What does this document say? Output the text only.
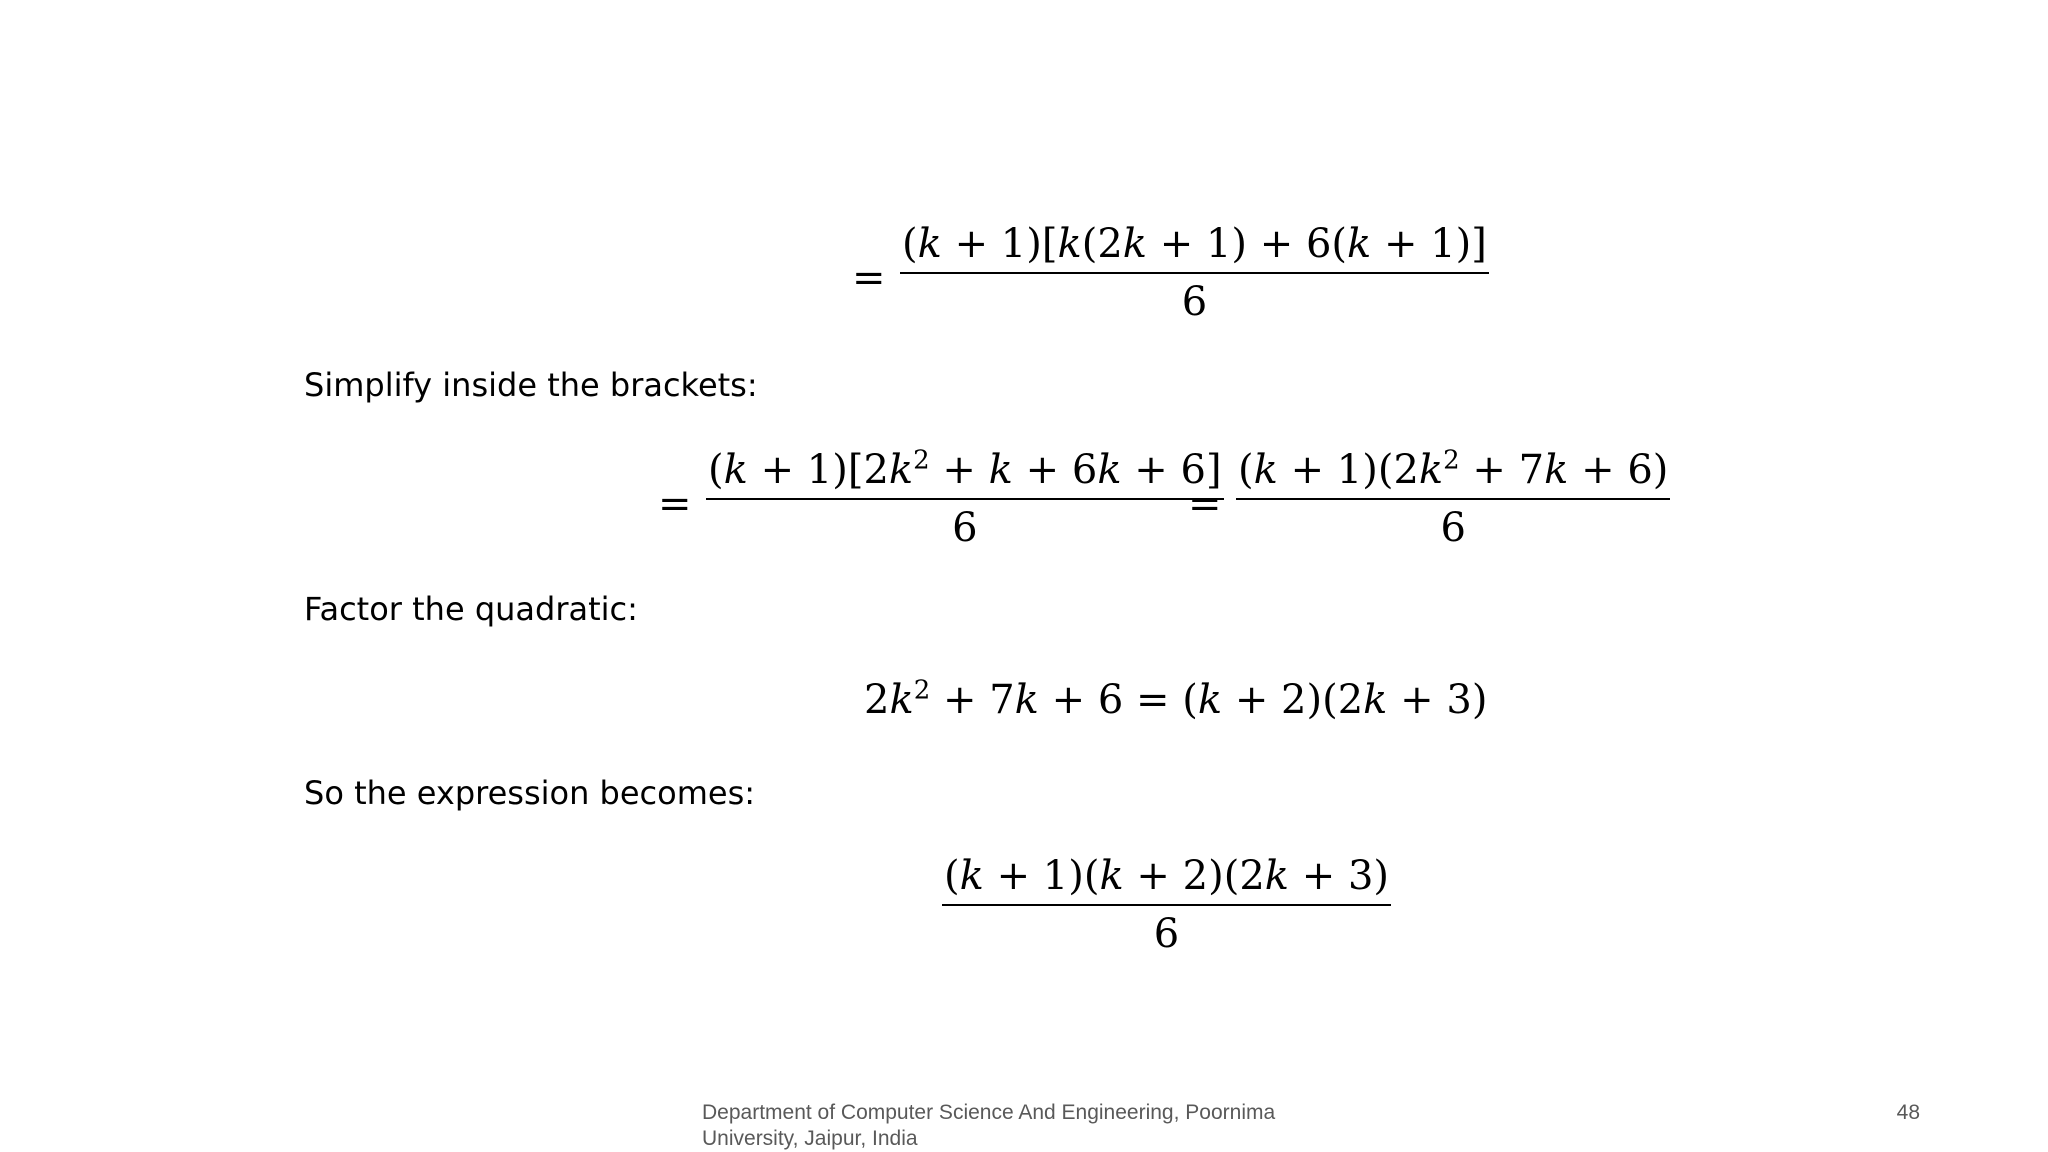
=
(k + 1)[k(2k + 1) + 6(k + 1)]
6
Simplify inside the brackets:
=
$(k + 1)[2k^2 + k + 6k + 6]$
6
=
$(k + 1)(2k^2 + 7k + 6)$
6
Factor the quadratic:
$2k^2 + 7k + 6 = (k + 2)(2k + 3)$
So the expression becomes:
(k + 1)(k + 2)(2k + 3)
6
Department of Computer Science And Engineering, Poornima University, Jaipur, India
48
